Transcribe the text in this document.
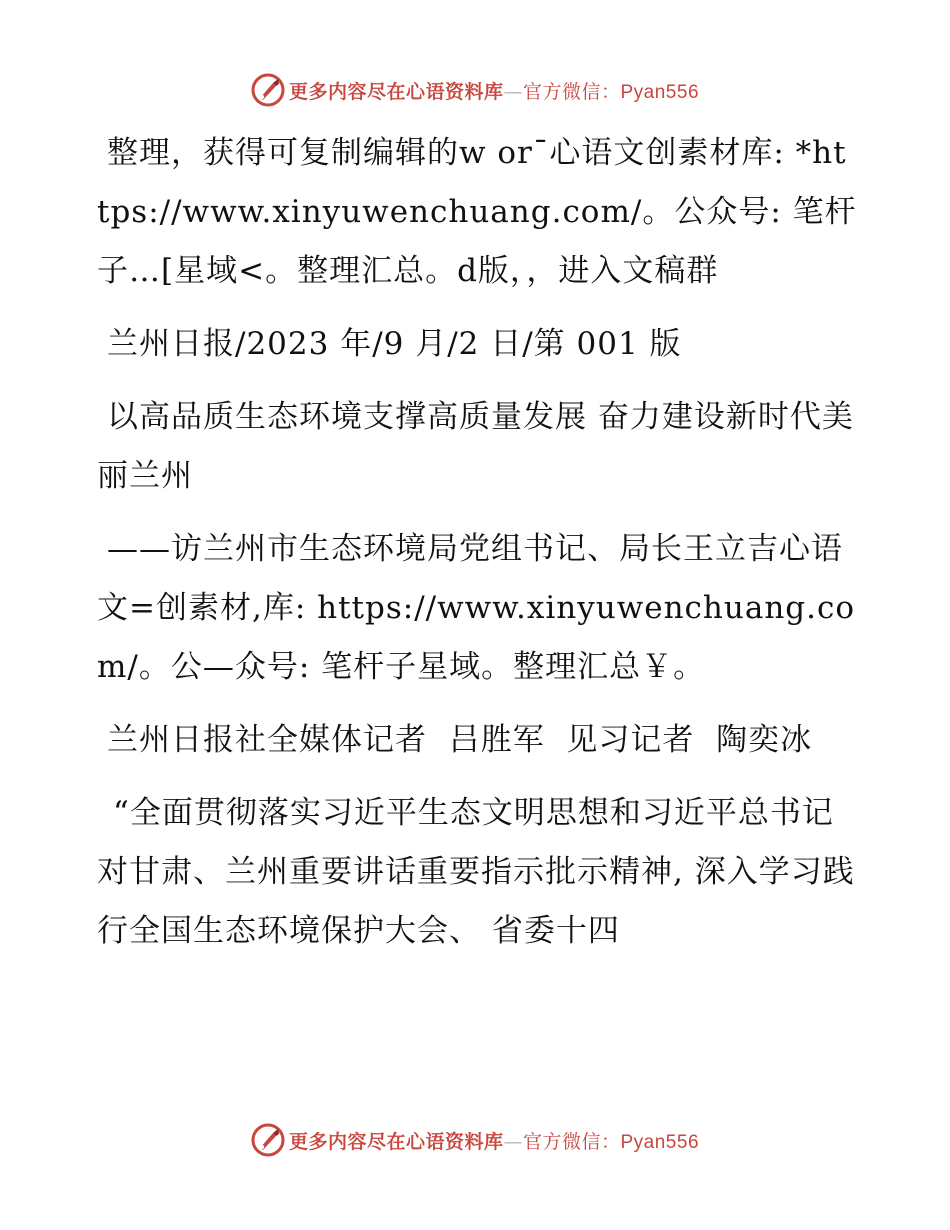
更多内容尽在心语资料库—官方微信：Pyan556

整理，获得可复制编辑的w or¯心语文创素材库: *https://www.xinyuwenchuang.com/。公众号: 笔杆子…[星域<。整理汇总。d版，，进入文稿群

兰州日报/2023 年/9 月/2 日/第 001 版

以高品质生态环境支撑高质量发展 奋力建设新时代美丽兰州

——访兰州市生态环境局党组书记、局长王立吉心语文=创素材,库: https://www.xinyuwenchuang.com/。公—众号: 笔杆子星域。整理汇总￥。

兰州日报社全媒体记者  吕胜军  见习记者  陶奕冰

“全面贯彻落实习近平生态文明思想和习近平总书记对甘肃、兰州重要讲话重要指示批示精神, 深入学习践行全国生态环境保护大会、 省委十四

更多内容尽在心语资料库—官方微信：Pyan556
